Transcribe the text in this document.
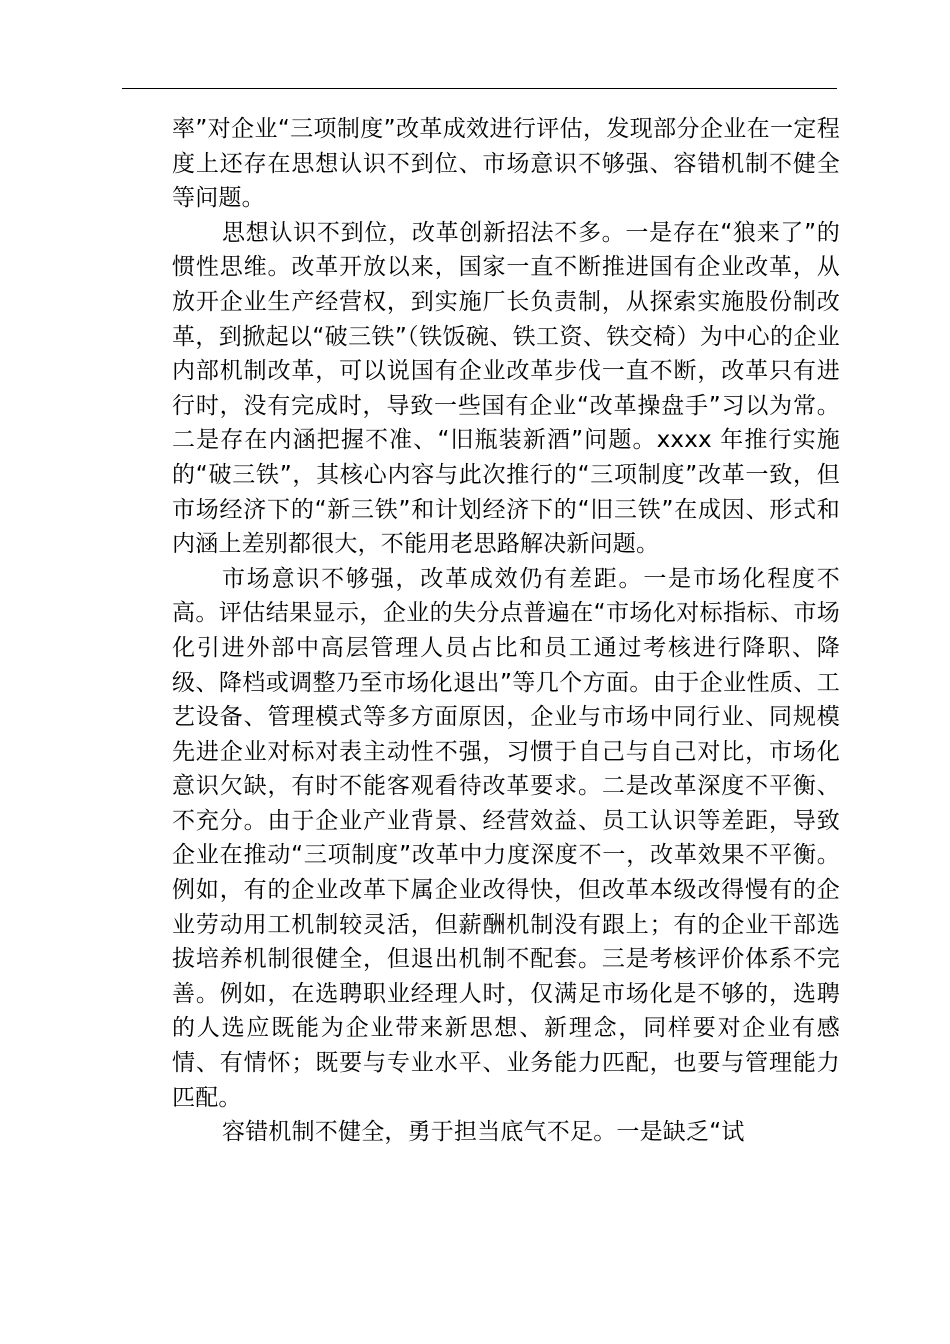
率”对企业“三项制度”改革成效进行评估，发现部分企业在一定程度上还存在思想认识不到位、市场意识不够强、容错机制不健全等问题。

思想认识不到位，改革创新招法不多。一是存在“狼来了”的惯性思维。改革开放以来，国家一直不断推进国有企业改革，从放开企业生产经营权，到实施厂长负责制，从探索实施股份制改革，到掀起以“破三铁”（铁饭碗、铁工资、铁交椅）为中心的企业内部机制改革，可以说国有企业改革步伐一直不断，改革只有进行时，没有完成时，导致一些国有企业“改革操盘手”习以为常。二是存在内涵把握不准、“旧瓶装新酒”问题。xxxx 年推行实施的“破三铁”，其核心内容与此次推行的“三项制度”改革一致，但市场经济下的“新三铁”和计划经济下的“旧三铁”在成因、形式和内涵上差别都很大，不能用老思路解决新问题。

市场意识不够强，改革成效仍有差距。一是市场化程度不高。评估结果显示，企业的失分点普遍在“市场化对标指标、市场化引进外部中高层管理人员占比和员工通过考核进行降职、降级、降档或调整乃至市场化退出”等几个方面。由于企业性质、工艺设备、管理模式等多方面原因，企业与市场中同行业、同规模先进企业对标对表主动性不强，习惯于自己与自己对比，市场化意识欠缺，有时不能客观看待改革要求。二是改革深度不平衡、不充分。由于企业产业背景、经营效益、员工认识等差距，导致企业在推动“三项制度”改革中力度深度不一，改革效果不平衡。例如，有的企业改革下属企业改得快，但改革本级改得慢有的企业劳动用工机制较灵活，但薪酬机制没有跟上；有的企业干部选拔培养机制很健全，但退出机制不配套。三是考核评价体系不完善。例如，在选聘职业经理人时，仅满足市场化是不够的，选聘的人选应既能为企业带来新思想、新理念，同样要对企业有感情、有情怀；既要与专业水平、业务能力匹配，也要与管理能力匹配。

容错机制不健全，勇于担当底气不足。一是缺乏“试
